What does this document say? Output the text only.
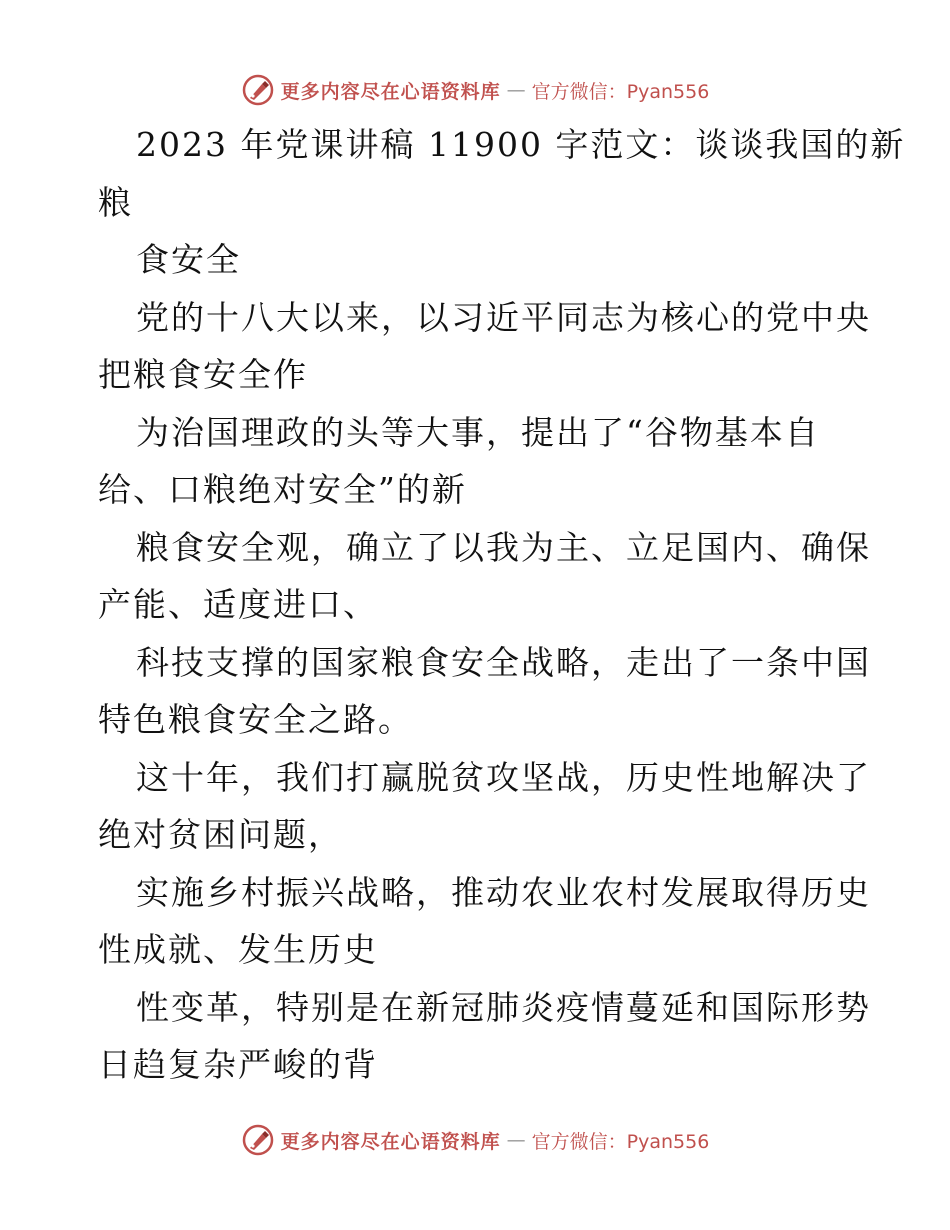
更多内容尽在心语资料库 — 官方微信：Pyan556
2023 年党课讲稿 11900 字范文：谈谈我国的新
粮
食安全
党的十八大以来，以习近平同志为核心的党中央
把粮食安全作
为治国理政的头等大事，提出了“谷物基本自
给、口粮绝对安全”的新
粮食安全观，确立了以我为主、立足国内、确保
产能、适度进口、
科技支撑的国家粮食安全战略，走出了一条中国
特色粮食安全之路。
这十年，我们打赢脱贫攻坚战，历史性地解决了
绝对贫困问题，
实施乡村振兴战略，推动农业农村发展取得历史
性成就、发生历史
性变革，特别是在新冠肺炎疫情蔓延和国际形势
日趋复杂严峻的背
更多内容尽在心语资料库 — 官方微信：Pyan556
